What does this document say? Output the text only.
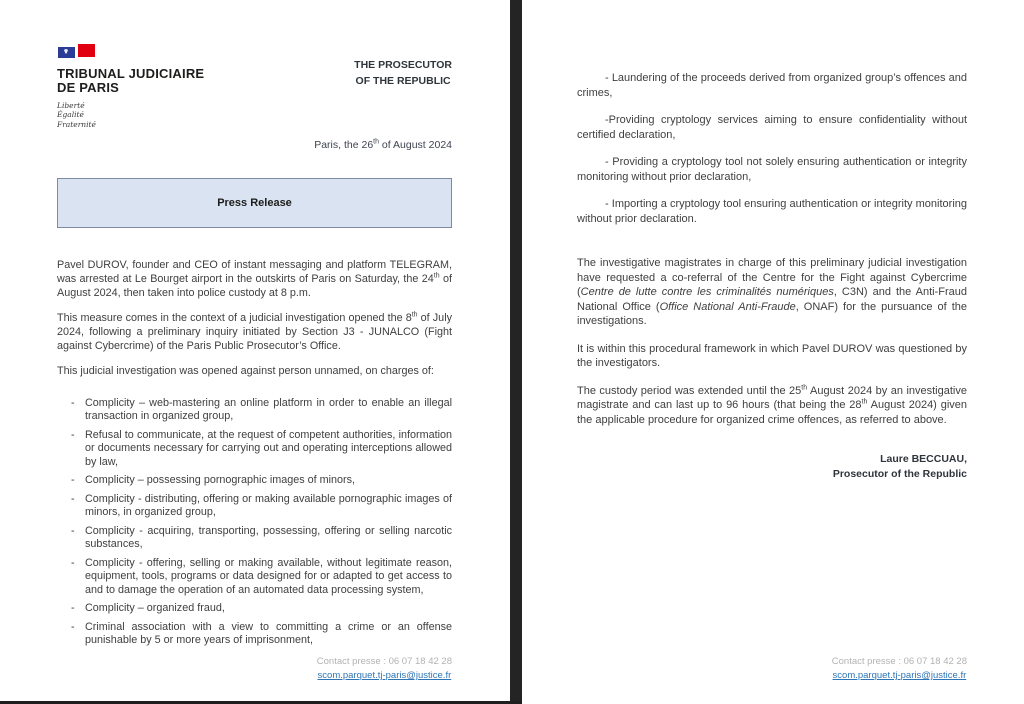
TRIBUNAL JUDICIAIRE
DE PARIS
Liberté
Égalité
Fraternité
THE PROSECUTOR
OF THE REPUBLIC
Paris, the 26th of August 2024
Press Release

Pavel DUROV, founder and CEO of instant messaging and platform TELEGRAM, was arrested at Le Bourget airport in the outskirts of Paris on Saturday, the 24th of August 2024, then taken into police custody at 8 p.m.

This measure comes in the context of a judicial investigation opened the 8th of July 2024, following a preliminary inquiry initiated by Section J3 - JUNALCO (Fight against Cybercrime) of the Paris Public Prosecutor’s Office.

This judicial investigation was opened against person unnamed, on charges of:

- Complicity – web-mastering an online platform in order to enable an illegal transaction in organized group,
- Refusal to communicate, at the request of competent authorities, information or documents necessary for carrying out and operating interceptions allowed by law,
- Complicity – possessing pornographic images of minors,
- Complicity - distributing, offering or making available pornographic images of minors, in organized group,
- Complicity - acquiring, transporting, possessing, offering or selling narcotic substances,
- Complicity - offering, selling or making available, without legitimate reason, equipment, tools, programs or data designed for or adapted to get access to and to damage the operation of an automated data processing system,
- Complicity – organized fraud,
- Criminal association with a view to committing a crime or an offense punishable by 5 or more years of imprisonment,
Contact presse : 06 07 18 42 28
scom.parquet.tj-paris@justice.fr

- Laundering of the proceeds derived from organized group’s offences and crimes,

-Providing cryptology services aiming to ensure confidentiality without certified declaration,

- Providing a cryptology tool not solely ensuring authentication or integrity monitoring without prior declaration,

- Importing a cryptology tool ensuring authentication or integrity monitoring without prior declaration.

The investigative magistrates in charge of this preliminary judicial investigation have requested a co-referral of the Centre for the Fight against Cybercrime (Centre de lutte contre les criminalités numériques, C3N) and the Anti-Fraud National Office (Office National Anti-Fraude, ONAF) for the pursuance of the investigations.

It is within this procedural framework in which Pavel DUROV was questioned by the investigators.

The custody period was extended until the 25th August 2024 by an investigative magistrate and can last up to 96 hours (that being the 28th August 2024) given the applicable procedure for organized crime offences, as referred to above.

Laure BECCUAU,
Prosecutor of the Republic
Contact presse : 06 07 18 42 28
scom.parquet.tj-paris@justice.fr
